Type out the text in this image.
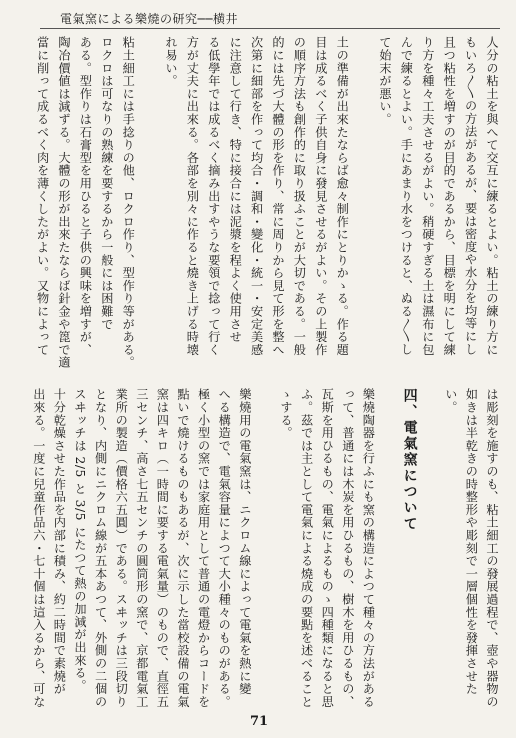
電氣窯による樂燒の研究──横井
人分の粘土を與へて交互に練るとよい。粘土の練り方に
もいろ〳〵の方法があるが、要は密度や水分を均等にし
且つ粘性を増すのが目的であるから、目標を明にして練
り方を種々工夫させるがよい。稍硬すぎる土は濕布に包
んで練るとよい。手にあまり水をつけると、ぬる〳〵し
て始末が悪い。
土の準備が出來たならば愈々制作にとりかゝる。作る題
目は成るべく子供自身に發見させるがよい。その上製作
の順序方法も創作的に取り扱ふことが大切である。一般
的には先づ大體の形を作り、常に周りから見て形を整へ
次第に細部を作って均合・調和・變化・統一・安定美感
に注意して行き、特に接合には泥漿を程よく使用させ
る低學年では成るべく摘み出すやうな要領で捻って行く
方が丈夫に出來る。各部を別々に作ると燒き上げる時壊
れ易い。
粘土細工には手捻りの他、ロクロ作り、型作り等がある。
ロクロは可なりの熟練を要するから一般には困難で
ある。型作りは石膏型を用ひると子供の興味を増すが、
陶冶價値は減ずる。大體の形が出來たならば針金や箆で適
當に削って成るべく肉を薄くしたがよい。又物によって
は彫刻を施すのも、粘土細工の發展過程で、壺や器物の
如きは半乾きの時整形や彫刻で一層個性を發揮させた
い。
四、電氣窯について
樂燒陶器を行ふにも窯の構造によつて種々の方法がある
って、普通には木炭を用ひるもの、樹木を用ひるもの、
瓦斯を用ひるもの、電氣によるものゝ四種類になると思
ふ。茲では主として電氣による燒成の要點を述べること
ゝする。
樂燒用の電氣窯は、ニクロム線によって電氣を熱に變
へる構造で、電氣容量によつて大小種々のものがある。
極く小型の窯では家庭用として普通の電燈からコードを
點いで燒けるものもあるが、次に示した當校設備の電氣
窯は四キロ（一時間に要する電氣量）のもので、直徑五
三センチ、高さ七五センチの圓筒形の窯で、京都電氣工
業所の製造（價格六五圓）である。スヰッチは三段切り
となり、内側にニクロム線が五本あつて、外側の二個の
スヰッチは 2/5 と 3/5 にたつて熱の加減が出來る。
十分乾燥させた作品を内部に積み、約二時間で素燒が
出來る。一度に兒童作品六・七十個は這入るから、可な
71
